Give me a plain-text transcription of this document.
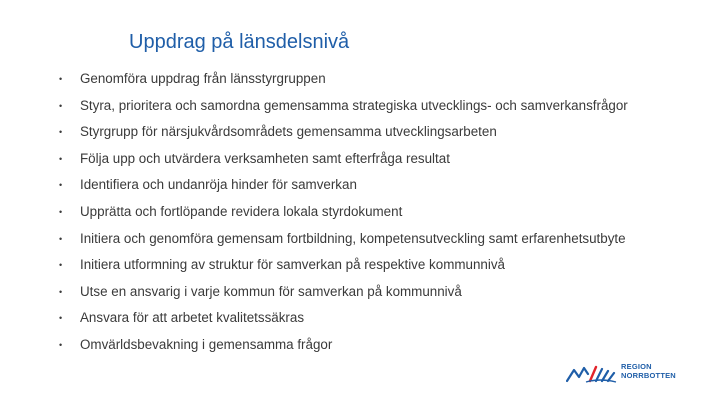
Uppdrag på länsdelsnivå
• Genomföra uppdrag från länsstyrgruppen
• Styra, prioritera och samordna gemensamma strategiska utvecklings- och samverkansfrågor
• Styrgrupp för närsjukvårdsområdets gemensamma utvecklingsarbeten
• Följa upp och utvärdera verksamheten samt efterfråga resultat
• Identifiera och undanröja hinder för samverkan
• Upprätta och fortlöpande revidera lokala styrdokument
• Initiera och genomföra gemensam fortbildning, kompetensutveckling samt erfarenhetsutbyte
• Initiera utformning av struktur för samverkan på respektive kommunnivå
• Utse en ansvarig i varje kommun för samverkan på kommunnivå
• Ansvara för att arbetet kvalitetssäkras
• Omvärldsbevakning i gemensamma frågor
REGION
NORRBOTTEN
